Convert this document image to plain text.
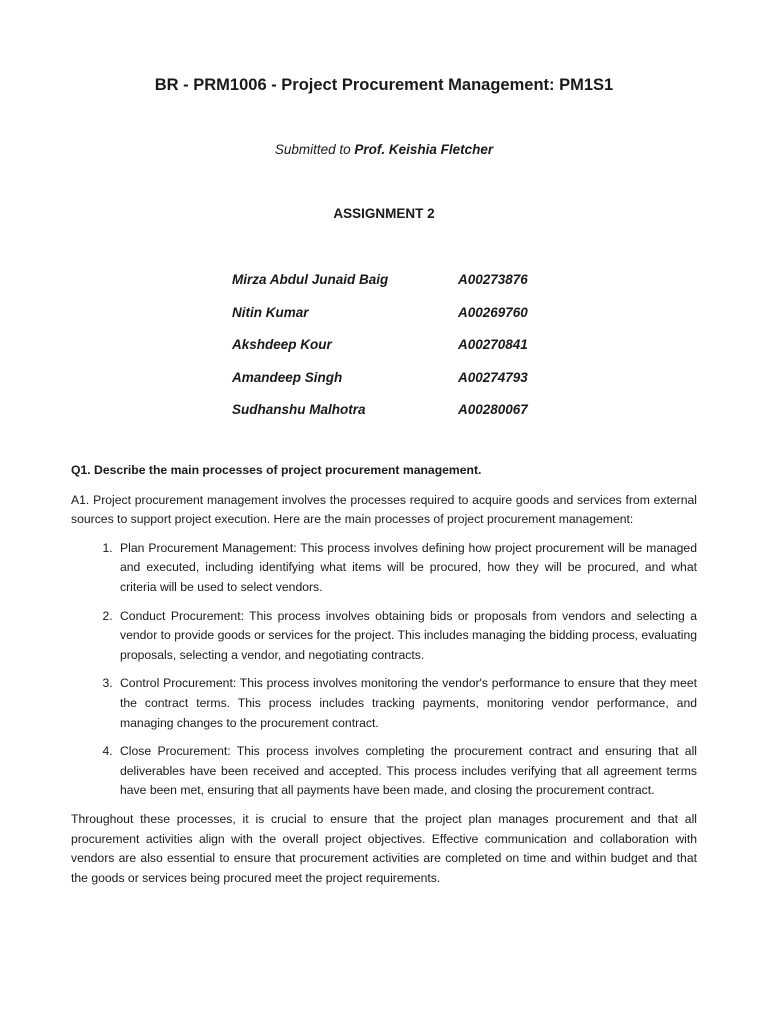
BR - PRM1006 - Project Procurement Management: PM1S1
Submitted to Prof. Keishia Fletcher
ASSIGNMENT 2
Mirza Abdul Junaid Baig	A00273876
Nitin Kumar	A00269760
Akshdeep Kour	A00270841
Amandeep Singh	A00274793
Sudhanshu Malhotra	A00280067

Q1. Describe the main processes of project procurement management.

A1. Project procurement management involves the processes required to acquire goods and services from external sources to support project execution. Here are the main processes of project procurement management:

1. Plan Procurement Management: This process involves defining how project procurement will be managed and executed, including identifying what items will be procured, how they will be procured, and what criteria will be used to select vendors.
2. Conduct Procurement: This process involves obtaining bids or proposals from vendors and selecting a vendor to provide goods or services for the project. This includes managing the bidding process, evaluating proposals, selecting a vendor, and negotiating contracts.
3. Control Procurement: This process involves monitoring the vendor's performance to ensure that they meet the contract terms. This process includes tracking payments, monitoring vendor performance, and managing changes to the procurement contract.
4. Close Procurement: This process involves completing the procurement contract and ensuring that all deliverables have been received and accepted. This process includes verifying that all agreement terms have been met, ensuring that all payments have been made, and closing the procurement contract.

Throughout these processes, it is crucial to ensure that the project plan manages procurement and that all procurement activities align with the overall project objectives. Effective communication and collaboration with vendors are also essential to ensure that procurement activities are completed on time and within budget and that the goods or services being procured meet the project requirements.
